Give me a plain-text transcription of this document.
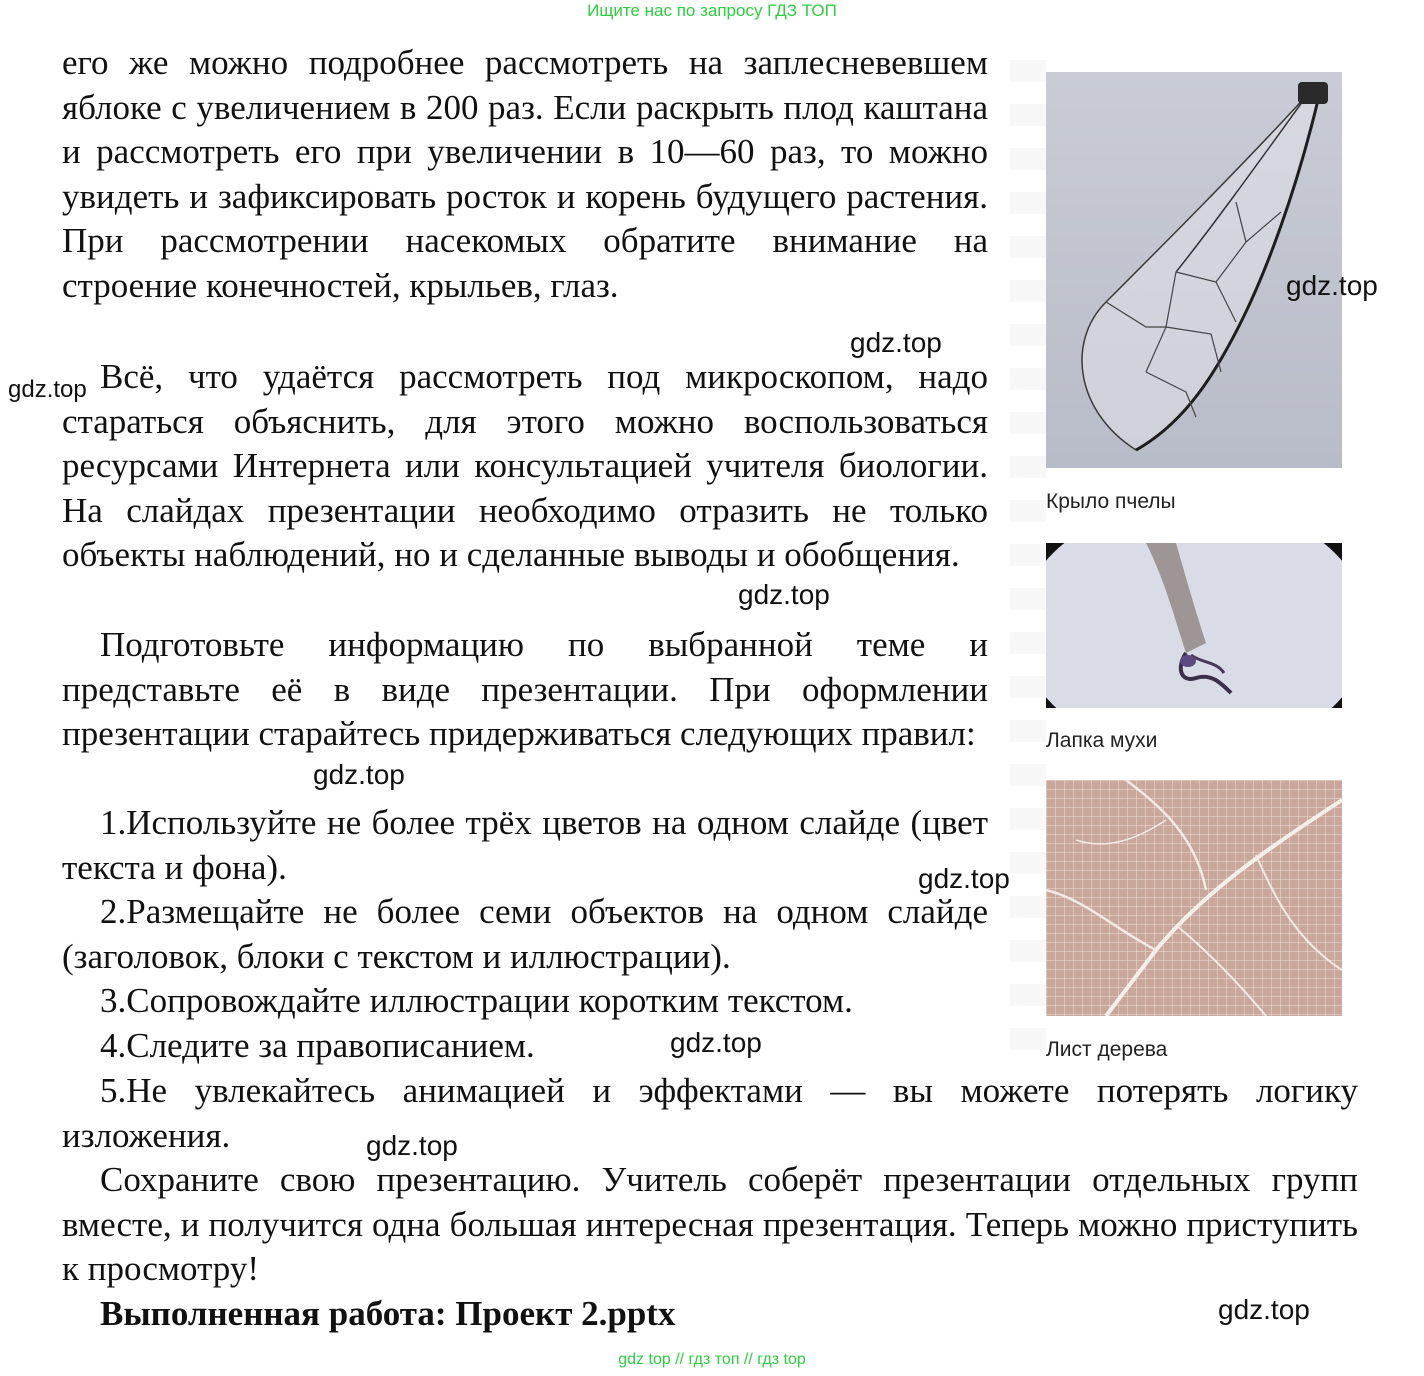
Ищите нас по запросу ГДЗ ТОП

его же можно подробнее рассмотреть на заплесневевшем яблоке с увеличением в 200 раз. Если раскрыть плод каштана и рассмотреть его при увеличении в 10—60 раз, то можно увидеть и зафиксировать росток и корень будущего растения. При рассмотрении насекомых обратите внимание на строение конечностей, крыльев, глаз.

Всё, что удаётся рассмотреть под микроскопом, надо стараться объяснить, для этого можно воспользоваться ресурсами Интернета или консультацией учителя биологии. На слайдах презентации необходимо отразить не только объекты наблюдений, но и сделанные выводы и обобщения.

Подготовьте информацию по выбранной теме и представьте её в виде презентации. При оформлении презентации старайтесь придерживаться следующих правил:

1.Используйте не более трёх цветов на одном слайде (цвет текста и фона).

2.Размещайте не более семи объектов на одном слайде (заголовок, блоки с текстом и иллюстрации).

3.Сопровождайте иллюстрации коротким текстом.

4.Следите за правописанием.

5.Не увлекайтесь анимацией и эффектами — вы можете потерять логику изложения.

Сохраните свою презентацию. Учитель соберёт презентации отдельных групп вместе, и получится одна большая интересная презентация. Теперь можно приступить к просмотру!

Выполненная работа: Проект 2.pptx

Крыло пчелы
Лапка мухи
Лист дерева
gdz.top
gdz.top
gdz.top
gdz.top
gdz.top
gdz.top
gdz.top
gdz.top
gdz.top
gdz top // гдз топ // гдз top
